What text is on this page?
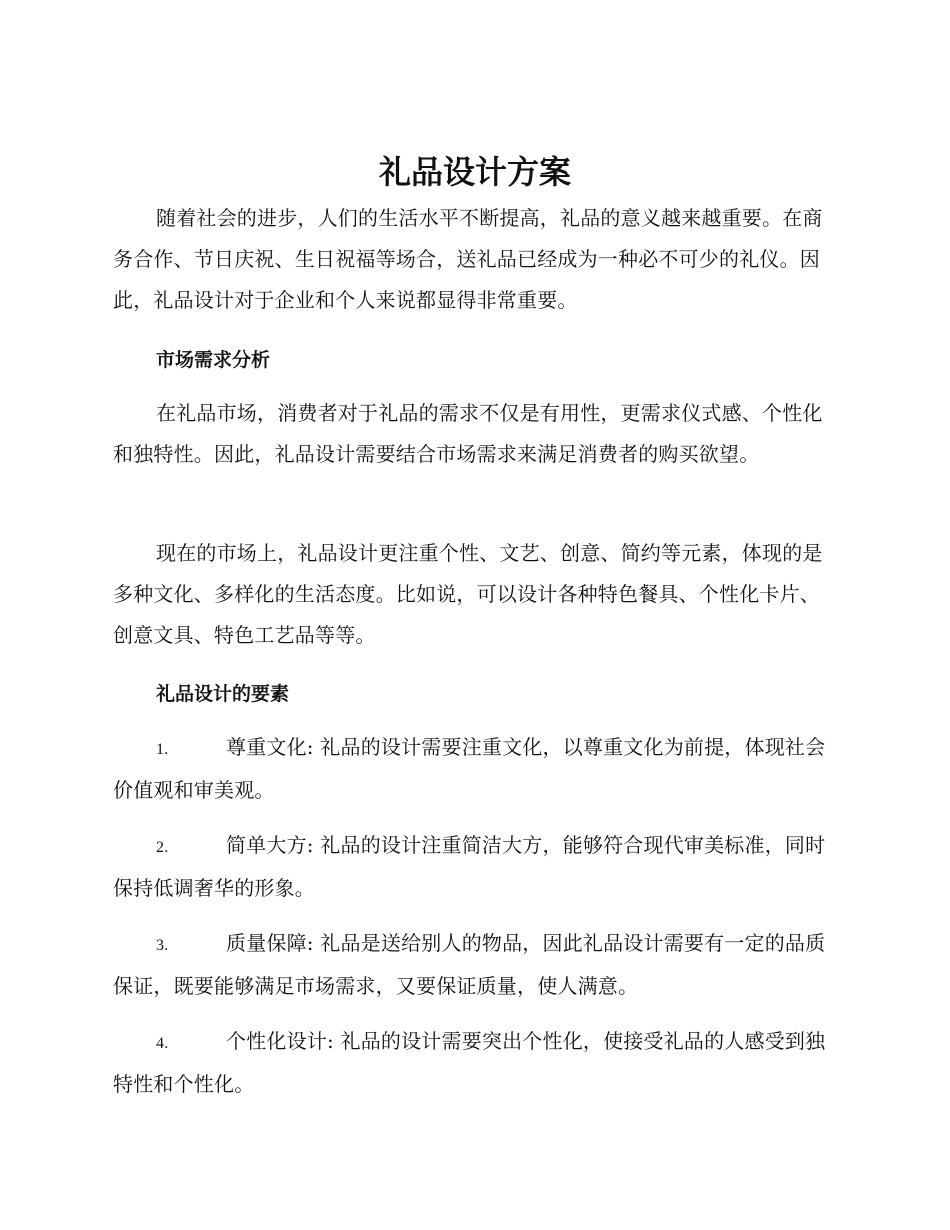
礼品设计方案

随着社会的进步，人们的生活水平不断提高，礼品的意义越来越重要。在商务合作、节日庆祝、生日祝福等场合，送礼品已经成为一种必不可少的礼仪。因此，礼品设计对于企业和个人来说都显得非常重要。

市场需求分析

在礼品市场，消费者对于礼品的需求不仅是有用性，更需求仪式感、个性化和独特性。因此，礼品设计需要结合市场需求来满足消费者的购买欲望。

现在的市场上，礼品设计更注重个性、文艺、创意、简约等元素，体现的是多种文化、多样化的生活态度。比如说，可以设计各种特色餐具、个性化卡片、创意文具、特色工艺品等等。

礼品设计的要素

1.	尊重文化: 礼品的设计需要注重文化，以尊重文化为前提，体现社会价值观和审美观。

2.	简单大方: 礼品的设计注重简洁大方，能够符合现代审美标准，同时保持低调奢华的形象。

3.	质量保障: 礼品是送给别人的物品，因此礼品设计需要有一定的品质保证，既要能够满足市场需求，又要保证质量，使人满意。

4.	个性化设计: 礼品的设计需要突出个性化，使接受礼品的人感受到独特性和个性化。
